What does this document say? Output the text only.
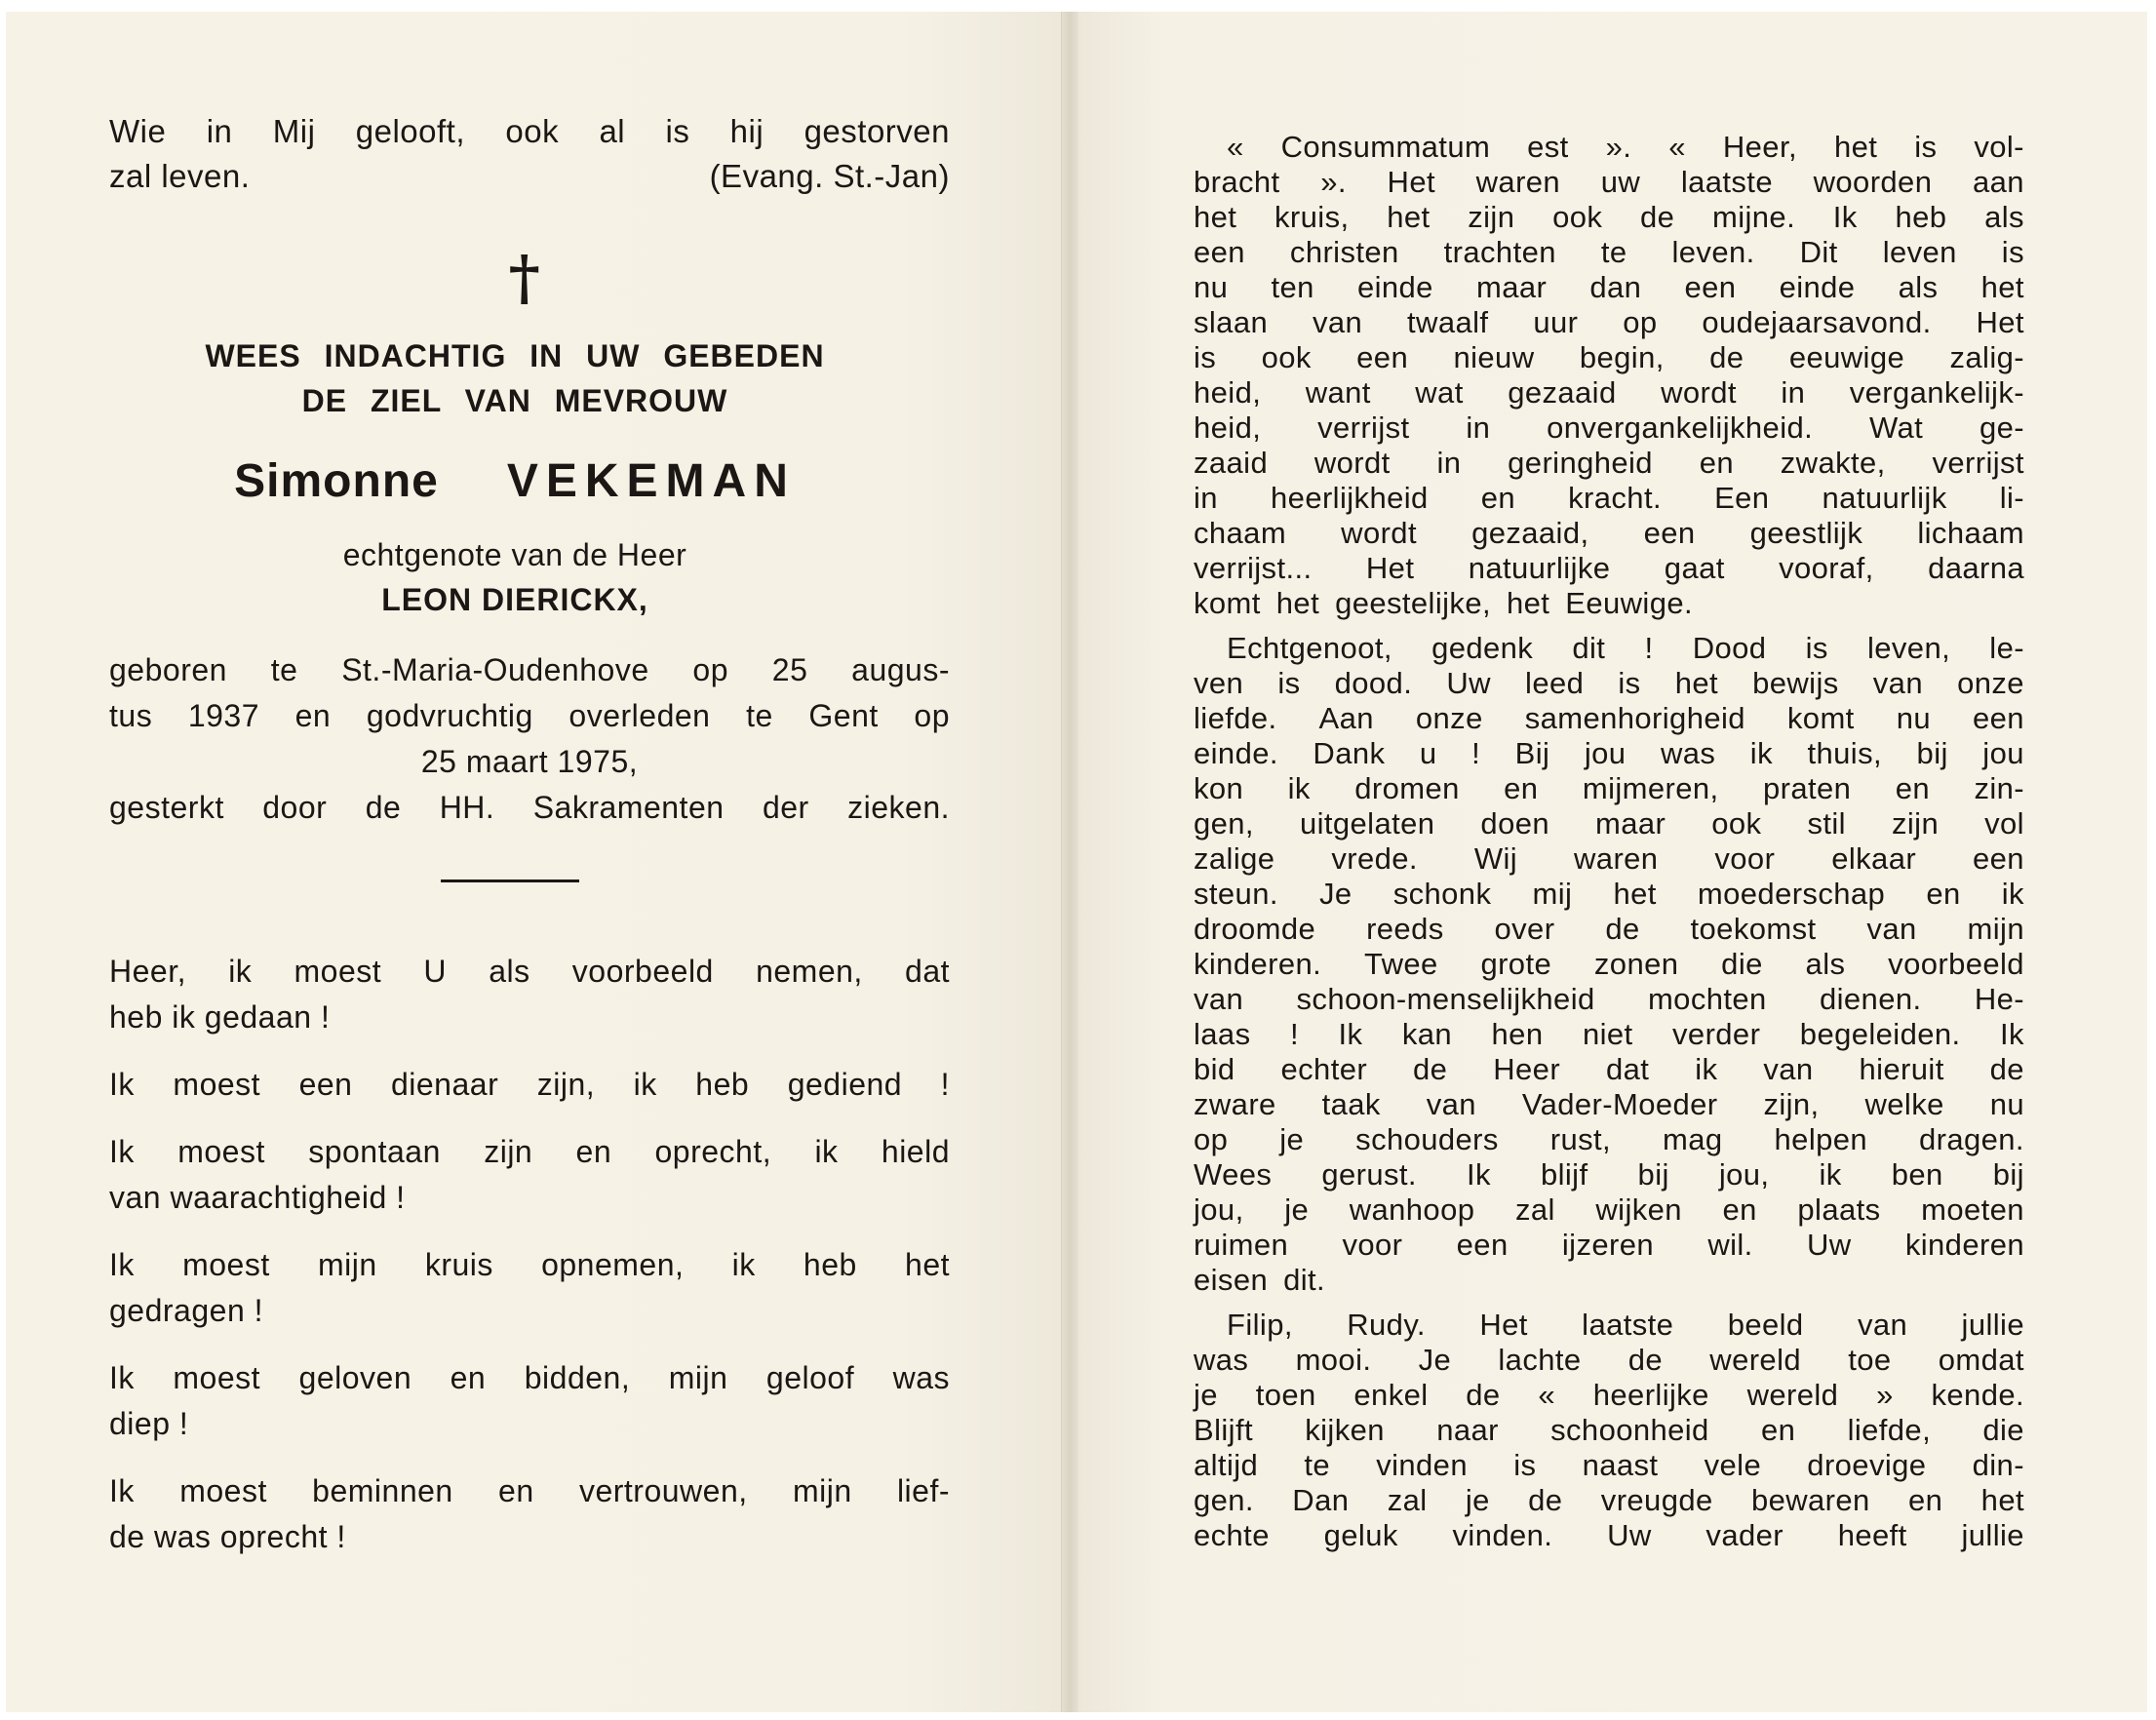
Wie in Mij gelooft, ook al is hij gestorven
zal leven.	(Evang. St.-Jan)
†
WEES INDACHTIG IN UW GEBEDEN
DE ZIEL VAN MEVROUW
Simonne VEKEMAN
echtgenote van de Heer
LEON DIERICKX,
geboren te St.-Maria-Oudenhove op 25 augus-
tus 1937 en godvruchtig overleden te Gent op
25 maart 1975,
gesterkt door de HH. Sakramenten der zieken.
Heer, ik moest U als voorbeeld nemen, dat
heb ik gedaan !
Ik moest een dienaar zijn, ik heb gediend !
Ik moest spontaan zijn en oprecht, ik hield
van waarachtigheid !
Ik moest mijn kruis opnemen, ik heb het
gedragen !
Ik moest geloven en bidden, mijn geloof was
diep !
Ik moest beminnen en vertrouwen, mijn lief-
de was oprecht !
« Consummatum est ». « Heer, het is vol-
bracht ». Het waren uw laatste woorden aan
het kruis, het zijn ook de mijne. Ik heb als
een christen trachten te leven. Dit leven is
nu ten einde maar dan een einde als het
slaan van twaalf uur op oudejaarsavond. Het
is ook een nieuw begin, de eeuwige zalig-
heid, want wat gezaaid wordt in vergankelijk-
heid, verrijst in onvergankelijkheid. Wat ge-
zaaid wordt in geringheid en zwakte, verrijst
in heerlijkheid en kracht. Een natuurlijk li-
chaam wordt gezaaid, een geestlijk lichaam
verrijst... Het natuurlijke gaat vooraf, daarna
komt het geestelijke, het Eeuwige.
Echtgenoot, gedenk dit ! Dood is leven, le-
ven is dood. Uw leed is het bewijs van onze
liefde. Aan onze samenhorigheid komt nu een
einde. Dank u ! Bij jou was ik thuis, bij jou
kon ik dromen en mijmeren, praten en zin-
gen, uitgelaten doen maar ook stil zijn vol
zalige vrede. Wij waren voor elkaar een
steun. Je schonk mij het moederschap en ik
droomde reeds over de toekomst van mijn
kinderen. Twee grote zonen die als voorbeeld
van schoon-menselijkheid mochten dienen. He-
laas ! Ik kan hen niet verder begeleiden. Ik
bid echter de Heer dat ik van hieruit de
zware taak van Vader-Moeder zijn, welke nu
op je schouders rust, mag helpen dragen.
Wees gerust. Ik blijf bij jou, ik ben bij
jou, je wanhoop zal wijken en plaats moeten
ruimen voor een ijzeren wil. Uw kinderen
eisen dit.
Filip, Rudy. Het laatste beeld van jullie
was mooi. Je lachte de wereld toe omdat
je toen enkel de « heerlijke wereld » kende.
Blijft kijken naar schoonheid en liefde, die
altijd te vinden is naast vele droevige din-
gen. Dan zal je de vreugde bewaren en het
echte geluk vinden. Uw vader heeft jullie
